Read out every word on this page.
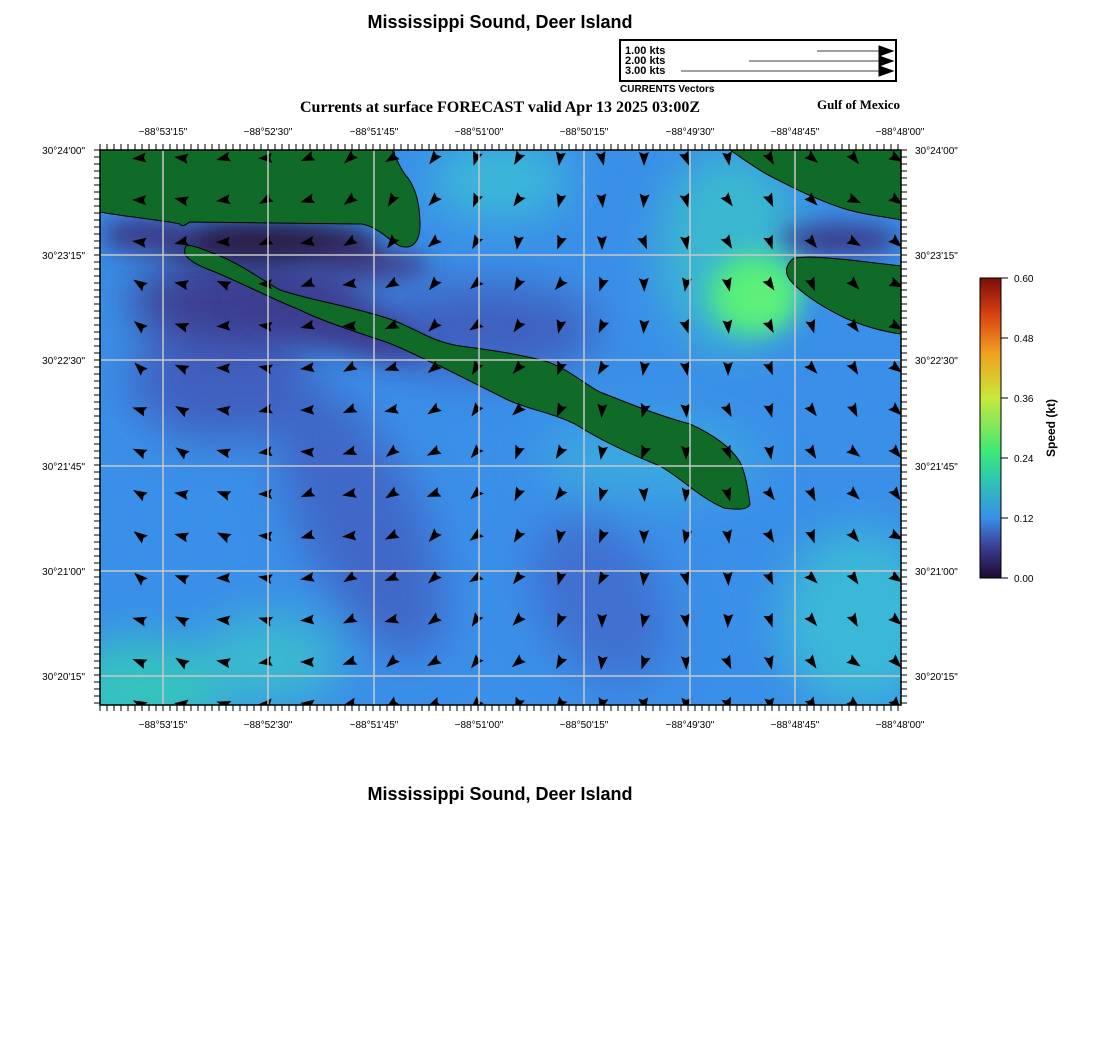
Mississippi Sound, Deer Island
1.00 kts
2.00 kts
3.00 kts
CURRENTS Vectors
Currents at surface FORECAST valid Apr 13 2025 03:00Z	Gulf of Mexico
−88°53'15"	−88°52'30"	−88°51'45"	−88°51'00"	−88°50'15"	−88°49'30"	−88°48'45"	−88°48'00"
−88°53'15"	−88°52'30"	−88°51'45"	−88°51'00"	−88°50'15"	−88°49'30"	−88°48'45"	−88°48'00"
30°24'00"
30°23'15"
30°22'30"
30°21'45"
30°21'00"
30°20'15"
30°24'00"
30°23'15"
30°22'30"
30°21'45"
30°21'00"
30°20'15"
0.60
0.48
0.36
0.24
0.12
0.00
Speed (kt)
Mississippi Sound, Deer Island
